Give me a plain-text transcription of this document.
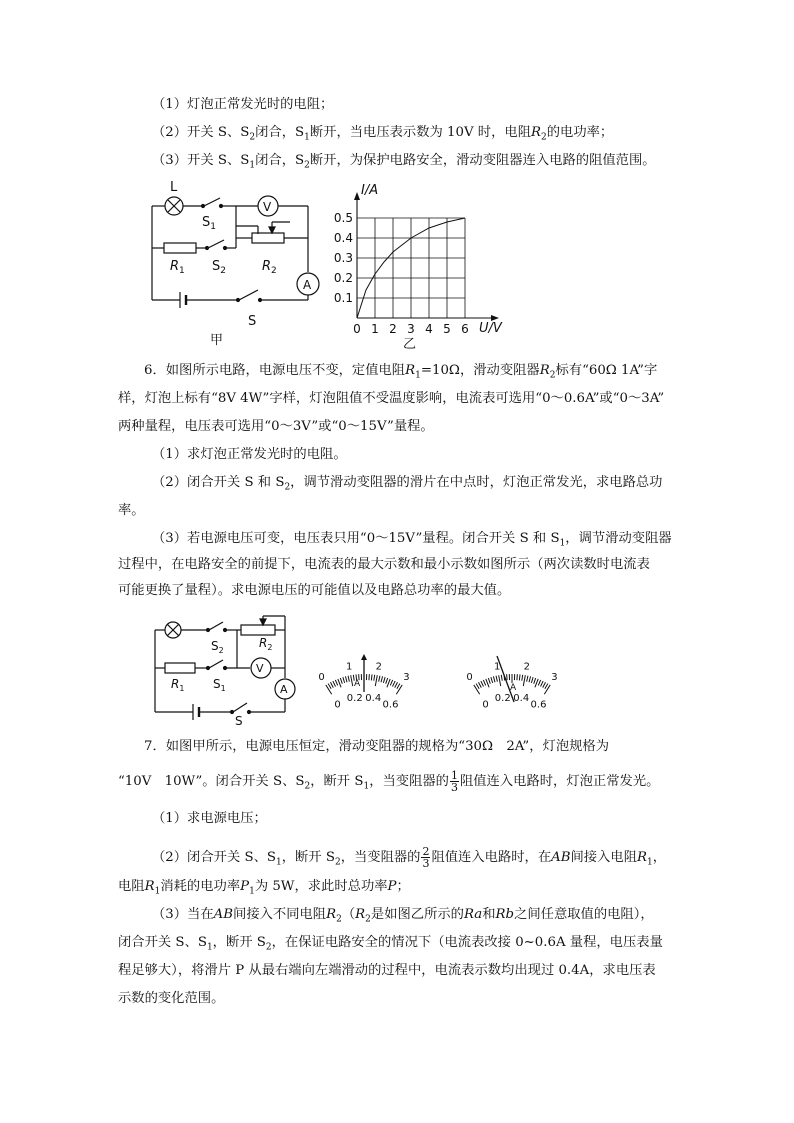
（1）灯泡正常发光时的电阻；
（2）开关 S、$S_2$闭合，$S_1$断开，当电压表示数为 10V 时，电阻$R_2$的电功率；
（3）开关 S、$S_1$闭合，$S_2$断开，为保护电路安全，滑动变阻器连入电路的阻值范围。
L
$S_1$
$R_1$ $S_2$	$R_2$
V
A
S
甲
0.5
0.4
0.3
0.2
0.1
0 1 2 3 4 5 6
I/A
U/V
乙
6．如图所示电路，电源电压不变，定值电阻$R_1=10\Omega$，滑动变阻器$R_2$标有“60Ω 1A”字
样，灯泡上标有“8V 4W”字样，灯泡阻值不受温度影响，电流表可选用“0～0.6A”或“0～3A”
两种量程，电压表可选用“0～3V”或“0～15V”量程。
（1）求灯泡正常发光时的电阻。
（2）闭合开关 S 和 $S_2$，调节滑动变阻器的滑片在中点时，灯泡正常发光，求电路总功
率。
（3）若电源电压可变，电压表只用“0～15V”量程。闭合开关 S 和 $S_1$，调节滑动变阻器
过程中，在电路安全的前提下，电流表的最大示数和最小示数如图所示（两次读数时电流表
可能更换了量程）。求电源电压的可能值以及电路总功率的最大值。
$S_2$
$R_2$
$R_1$ $S_1$
V
A
S
0
1 2
3
0
0.2 0.4
0.6
A
0
1 2
3
0
0.2 0.4
0.6
A
7．如图甲所示，电源电压恒定，滑动变阻器的规格为“30Ω　2A”，灯泡规格为
“10V　10W”。闭合开关 S、$S_2$，断开 $S_1$，当变阻器的 $\frac{1}{3}$ 阻值连入电路时，灯泡正常发光。
（1）求电源电压；
（2）闭合开关 S、$S_1$，断开 $S_2$，当变阻器的 $\frac{2}{3}$ 阻值连入电路时，在AB间接入电阻$R_1$，
电阻$R_1$消耗的电功率$P_1$为 5W，求此时总功率P；
（3）当在AB间接入不同电阻$R_2(R_2$是如图乙所示的Ra和Rb之间任意取值的电阻），
闭合开关 S、$S_1$，断开 $S_2$，在保证电路安全的情况下（电流表改接 0~0.6A 量程，电压表量
程足够大），将滑片 P 从最右端向左端滑动的过程中，电流表示数均出现过 0.4A，求电压表
示数的变化范围。
